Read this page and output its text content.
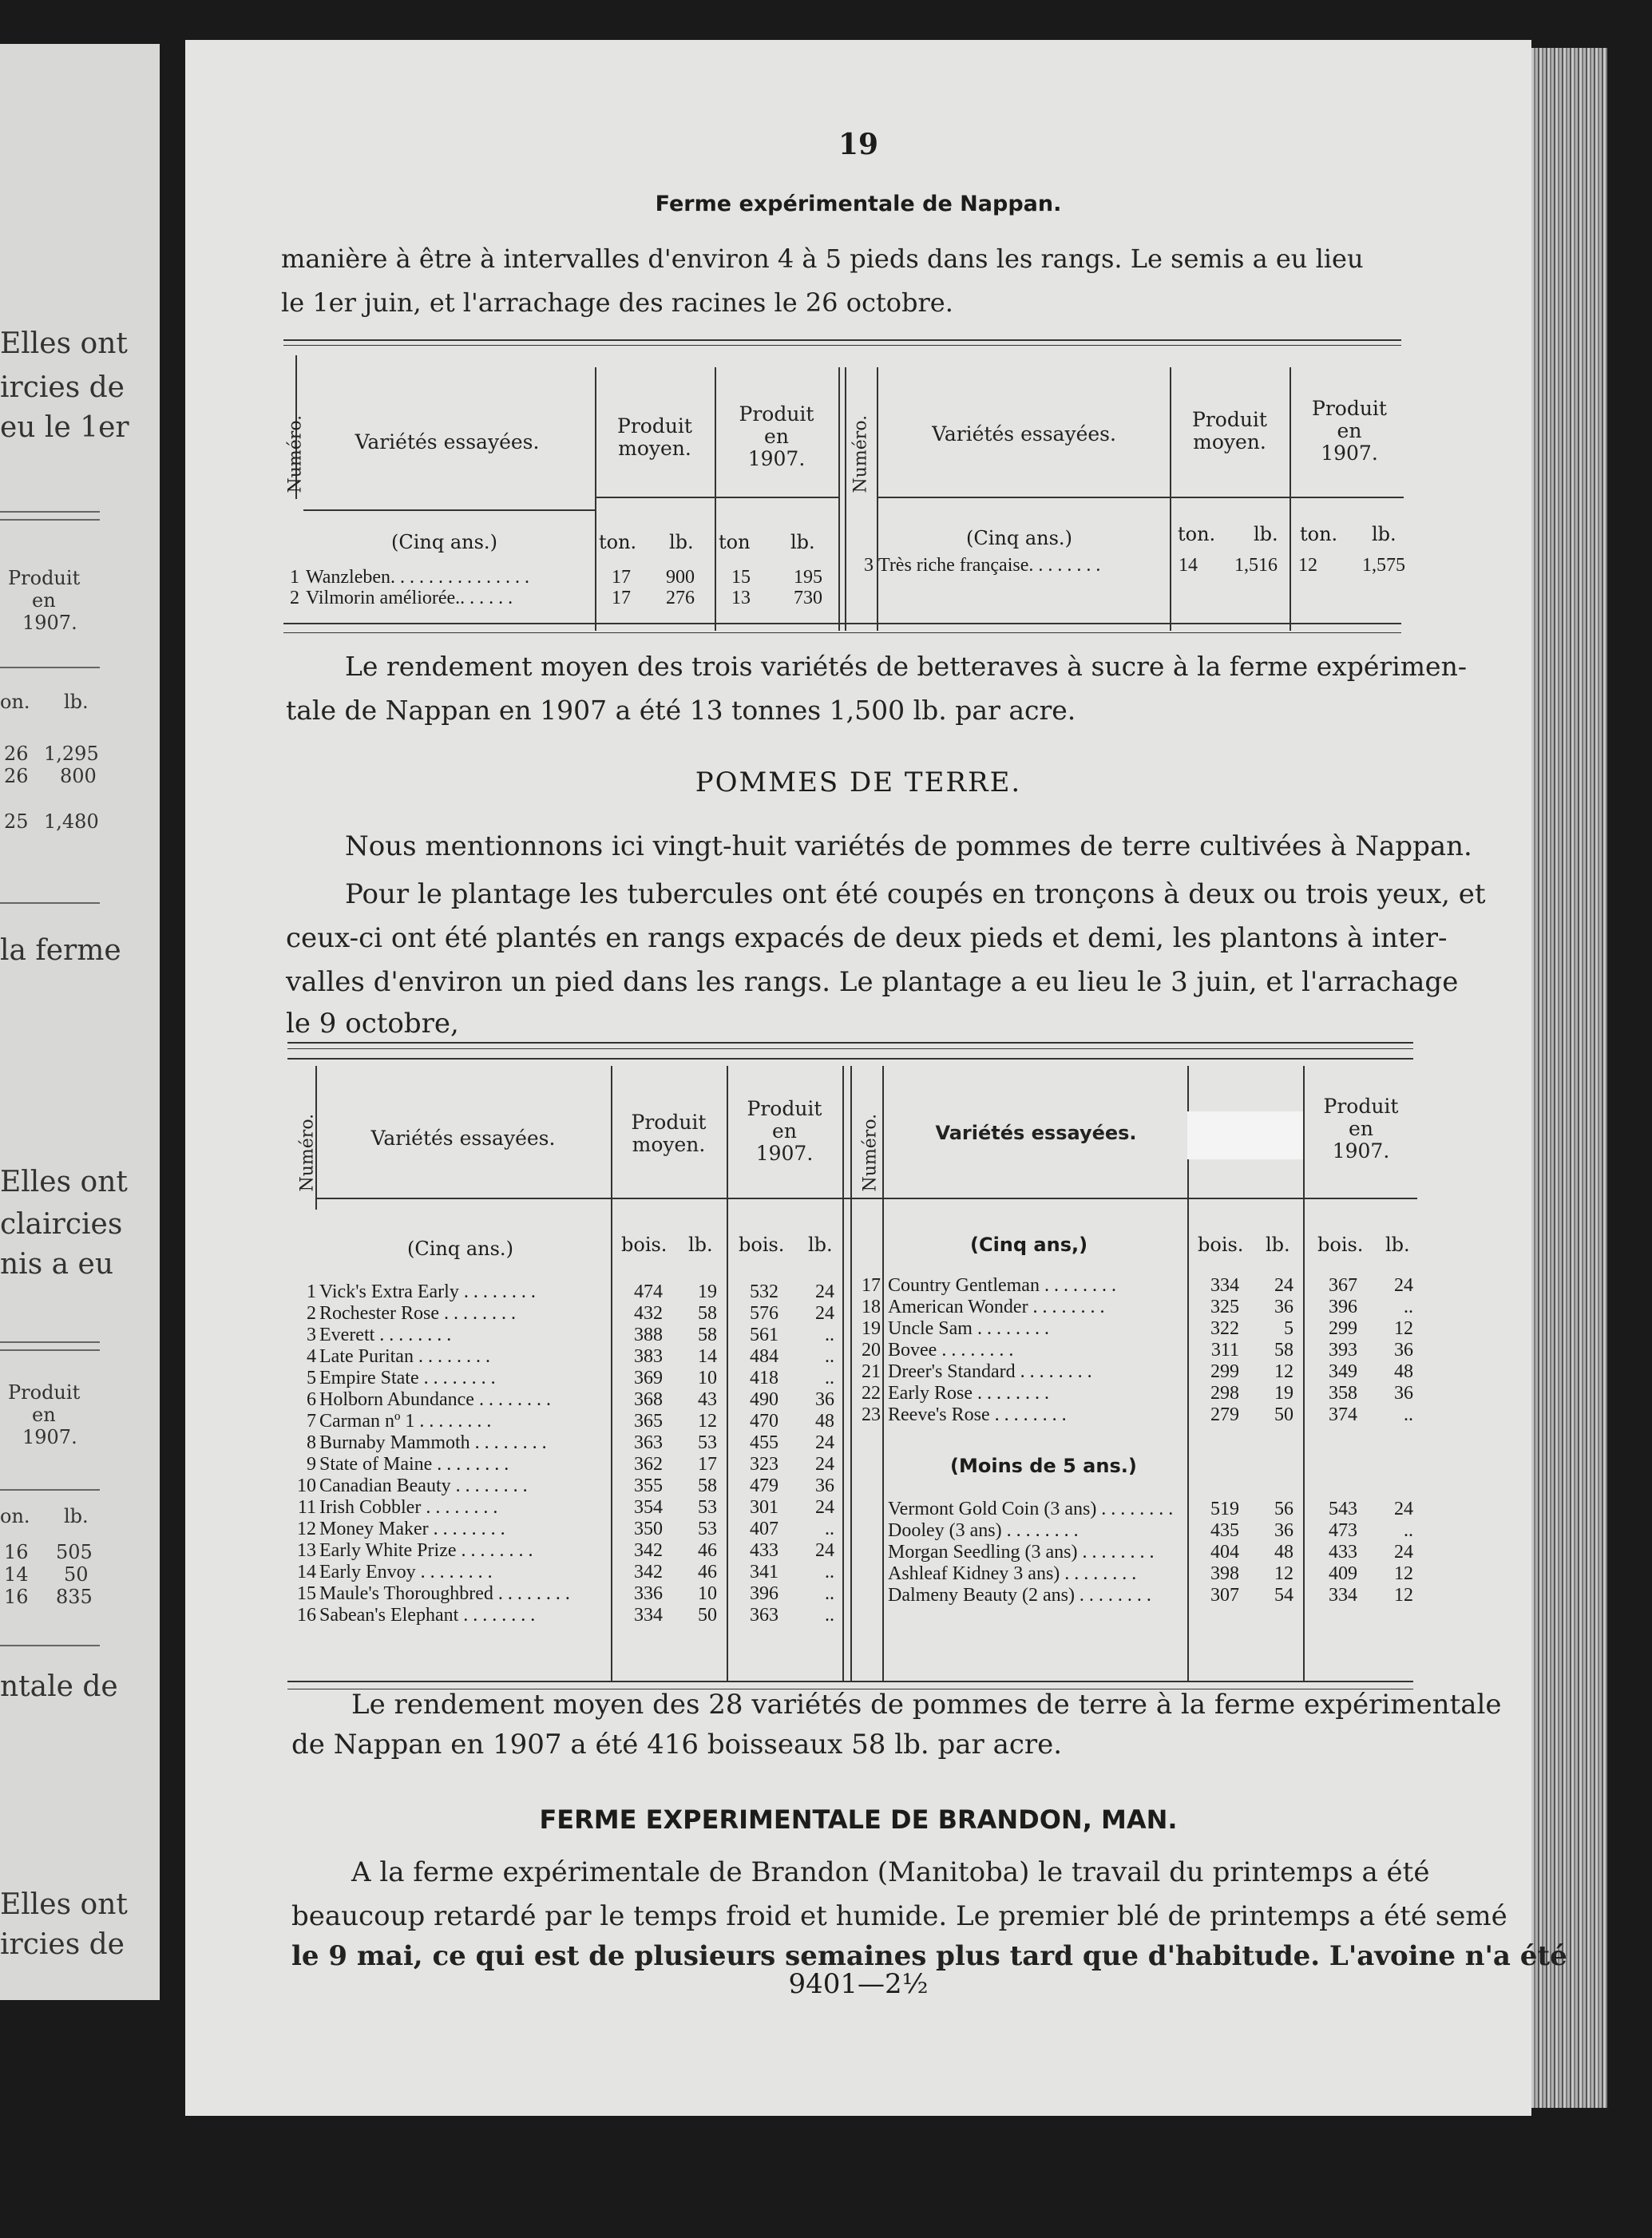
Elles ont
ircies de
eu le 1er
Produit
en
1907.
on. lb.
26 1,295
26 800
25 1,480
la ferme
Elles ont
claircies
nis a eu
Produit
en
1907.
on. lb.
16 505
14 50
16 835
ntale de
Elles ont
ircies de
19
Ferme expérimentale de Nappan.
manière à être à intervalles d'environ 4 à 5 pieds dans les rangs. Le semis a eu lieu
le 1er juin, et l'arrachage des racines le 26 octobre.
Numéro.	Variétés essayées.
Produit
moyen.
Produit
en
1907.	Numéro.	Variétés essayées.
Produit
moyen.
Produit
en
1907.
(Cinq ans.)	ton. lb. ton lb.	(Cinq ans.)	ton. lb. ton. lb.
1 Wanzleben. . . . . . . . . . . . . . .	17	900	15	195
2 Vilmorin améliorée.. . . . . .	17	276	13	730
3 Très riche française. . . . . . . .	14 1,516	12 1,575
Le rendement moyen des trois variétés de betteraves à sucre à la ferme expérimen-
tale de Nappan en 1907 a été 13 tonnes 1,500 lb. par acre.
POMMES DE TERRE.
Nous mentionnons ici vingt-huit variétés de pommes de terre cultivées à Nappan.
Pour le plantage les tubercules ont été coupés en tronçons à deux ou trois yeux, et
ceux-ci ont été plantés en rangs expacés de deux pieds et demi, les plantons à inter-
valles d'environ un pied dans les rangs. Le plantage a eu lieu le 3 juin, et l'arrachage
le 9 octobre,
Numéro.	Variétés essayées.
Produit
moyen.
Produit
en
1907.	Numéro.	Variétés essayées.
Produit
en
1907.
(Cinq ans.)	bois. lb. bois. lb.	(Cinq ans,)	bois. lb. bois. lb.
1 Vick's Extra Early . . . . . . . .	474	19	532	24
2 Rochester Rose . . . . . . . .	432	58	576	24
3 Everett . . . . . . . .	388	58	561	..
4 Late Puritan . . . . . . . .	383	14	484	..
5 Empire State . . . . . . . .	369	10	418	..
6 Holborn Abundance . . . . . . . .	368	43	490	36
7 Carman nº 1 . . . . . . . .	365	12	470	48
8 Burnaby Mammoth . . . . . . . .	363	53	455	24
9 State of Maine . . . . . . . .	362	17	323	24
10 Canadian Beauty . . . . . . . .	355	58	479	36
11 Irish Cobbler . . . . . . . .	354	53	301	24
12 Money Maker . . . . . . . .	350	53	407	..
13 Early White Prize . . . . . . . .	342	46	433	24
14 Early Envoy . . . . . . . .	342	46	341	..
15 Maule's Thoroughbred . . . . . . . .	336	10	396	..
16 Sabean's Elephant . . . . . . . .	334	50	363	..
17 Country Gentleman . . . . . . . .	334	24	367	24
18 American Wonder . . . . . . . .	325	36	396	..
19 Uncle Sam . . . . . . . .	322	5	299	12
20 Bovee . . . . . . . .	311	58	393	36
21 Dreer's Standard . . . . . . . .	299	12	349	48
22 Early Rose . . . . . . . .	298	19	358	36
23 Reeve's Rose . . . . . . . .	279	50	374	..
(Moins de 5 ans.)
Vermont Gold Coin (3 ans) . . . . . . . .	519	56	543	24
Dooley (3 ans) . . . . . . . .	435	36	473	..
Morgan Seedling (3 ans) . . . . . . . .	404	48	433	24
Ashleaf Kidney 3 ans) . . . . . . . .	398	12	409	12
Dalmeny Beauty (2 ans) . . . . . . . .	307	54	334	12
Le rendement moyen des 28 variétés de pommes de terre à la ferme expérimentale
de Nappan en 1907 a été 416 boisseaux 58 lb. par acre.
FERME EXPERIMENTALE DE BRANDON, MAN.
A la ferme expérimentale de Brandon (Manitoba) le travail du printemps a été
beaucoup retardé par le temps froid et humide. Le premier blé de printemps a été semé
le 9 mai, ce qui est de plusieurs semaines plus tard que d'habitude. L'avoine n'a été
9401—2½
